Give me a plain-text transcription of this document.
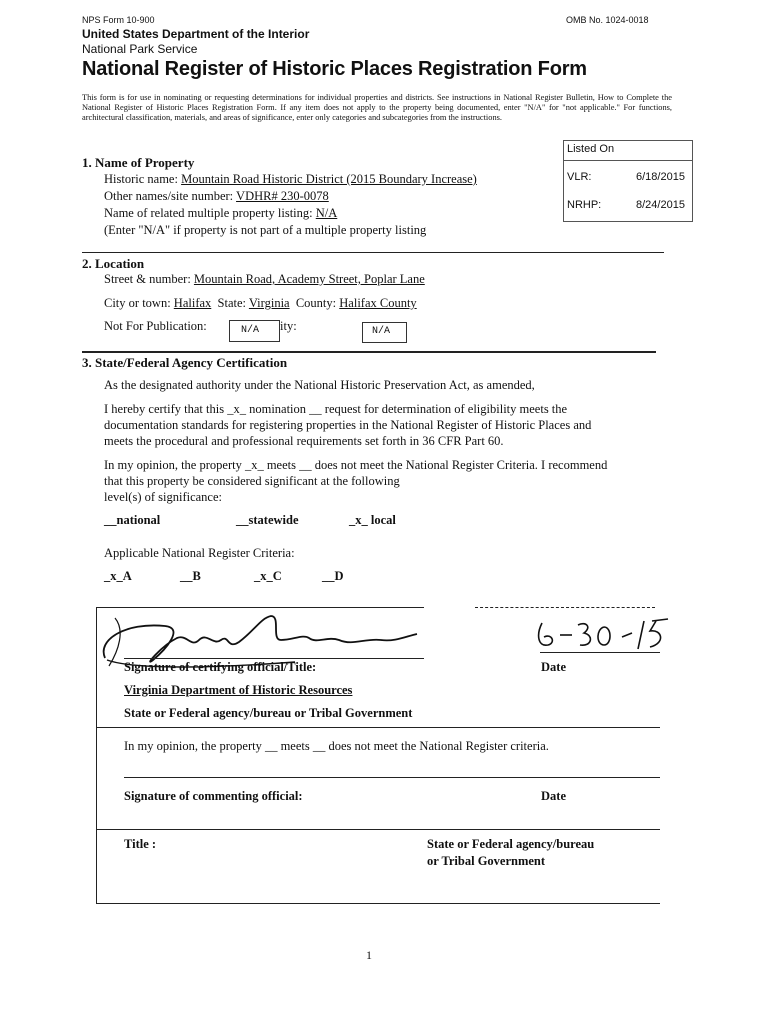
NPS Form 10-900	OMB No. 1024-0018
United States Department of the Interior
National Park Service
National Register of Historic Places Registration Form
This form is for use in nominating or requesting determinations for individual properties and districts. See instructions in National Register Bulletin, How to Complete the National Register of Historic Places Registration Form. If any item does not apply to the property being documented, enter "N/A" for "not applicable." For functions, architectural classification, materials, and areas of significance, enter only categories and subcategories from the instructions.
Listed On
VLR:	6/18/2015
NRHP:	8/24/2015
1. Name of Property
Historic name: Mountain Road Historic District (2015 Boundary Increase)
Other names/site number: VDHR# 230-0078
Name of related multiple property listing: N/A
(Enter "N/A" if property is not part of a multiple property listing
2. Location
Street & number: Mountain Road, Academy Street, Poplar Lane
City or town: Halifax State: Virginia County: Halifax County
Not For Publication:	N/A ity:	N/A
3. State/Federal Agency Certification
As the designated authority under the National Historic Preservation Act, as amended,
I hereby certify that this _x_ nomination __ request for determination of eligibility meets the
documentation standards for registering properties in the National Register of Historic Places and
meets the procedural and professional requirements set forth in 36 CFR Part 60.
In my opinion, the property _x_ meets __ does not meet the National Register Criteria. I recommend
that this property be considered significant at the following
level(s) of significance:
__national	__statewide	_x_ local
Applicable National Register Criteria:
_x_A	__B	_x_C	__D
Signature of certifying official/Title:	Date
Virginia Department of Historic Resources
State or Federal agency/bureau or Tribal Government
In my opinion, the property __ meets __ does not meet the National Register criteria.
Signature of commenting official:	Date
Title :	State or Federal agency/bureau
or Tribal Government
1
